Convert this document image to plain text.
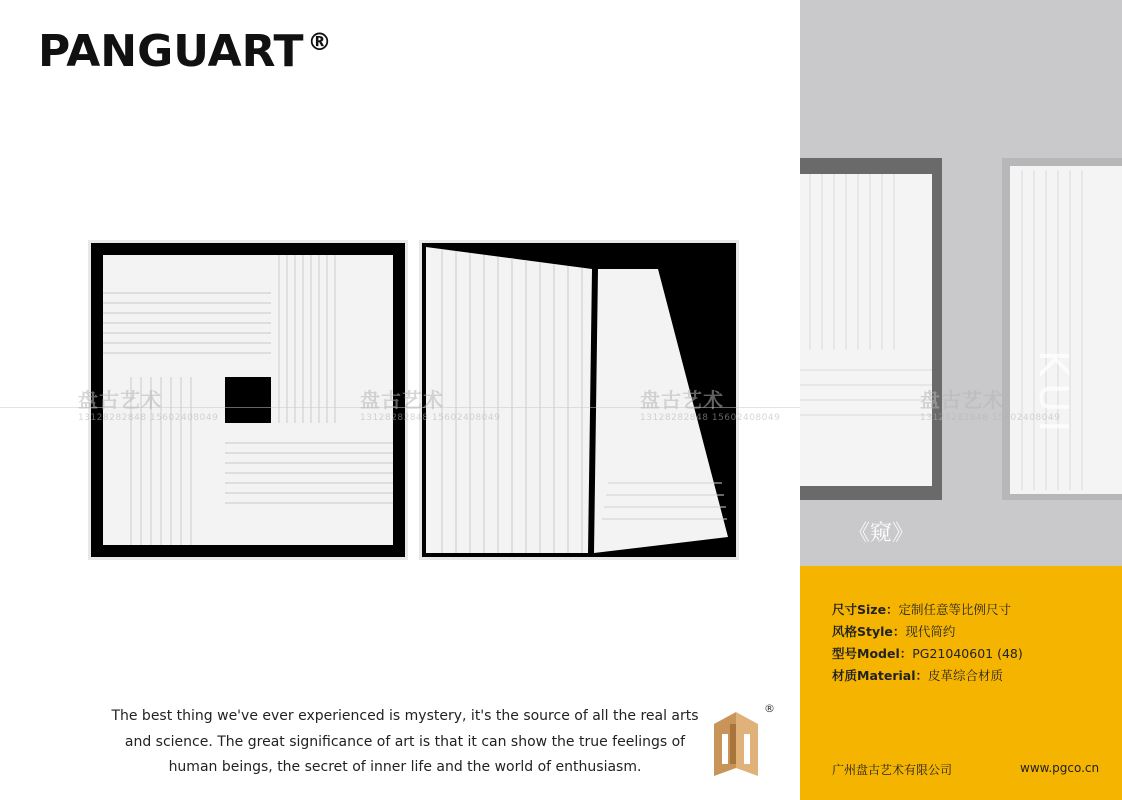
PANGUART ®
盘古艺术
13128282848 15602408049
盘古艺术
13128282848 15602408049
盘古艺术
13128282848 15602408049	KUI
盘古艺术
13128282848 15602408049

《窥》

尺寸Size：定制任意等比例尺寸
风格Style：现代简约
型号Model：PG21040601 (48)
材质Material：皮革综合材质
广州盘古艺术有限公司	www.pgco.cn

The best thing we've ever experienced is mystery, it's the source of all the real arts
and science. The great significance of art is that it can show the true feelings of
human beings, the secret of inner life and the world of enthusiasm.

®
